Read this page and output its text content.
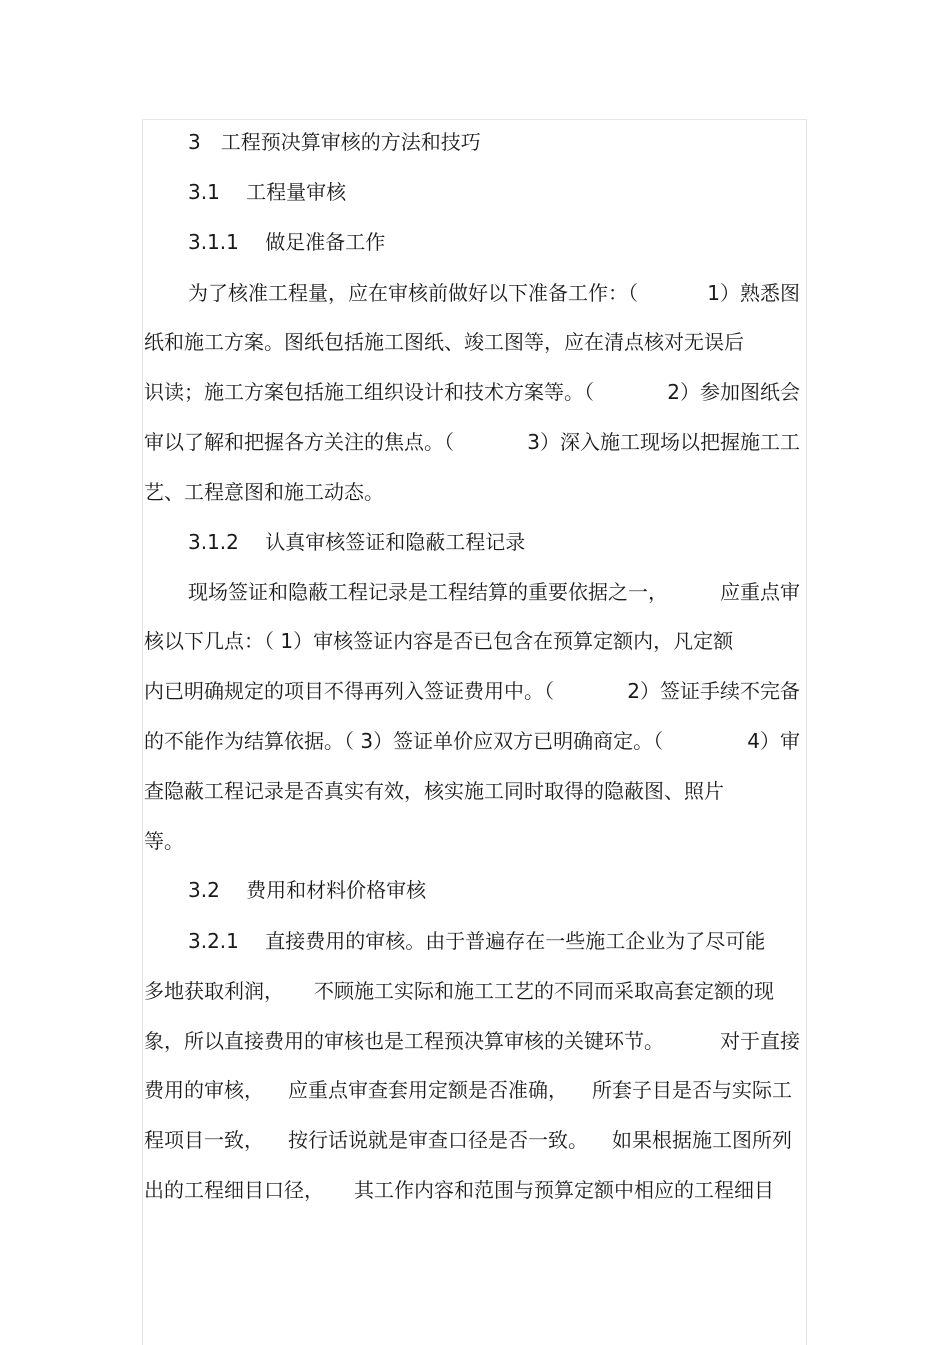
3　工程预决算审核的方法和技巧
3.1　 工程量审核
3.1.1 　做足准备工作
为了核准工程量，应在审核前做好以下准备工作：（	1）熟悉图
纸和施工方案。图纸包括施工图纸、竣工图等，应在清点核对无误后
识读；施工方案包括施工组织设计和技术方案等。（	2）参加图纸会
审以了解和把握各方关注的焦点。（	3）深入施工现场以把握施工工
艺、工程意图和施工动态。
3.1.2 　认真审核签证和隐蔽工程记录
现场签证和隐蔽工程记录是工程结算的重要依据之一，	应重点审
核以下几点：（ 1）审核签证内容是否已包含在预算定额内，凡定额
内已明确规定的项目不得再列入签证费用中。（	2）签证手续不完备
的不能作为结算依据。（ 3）签证单价应双方已明确商定。（	4）审
查隐蔽工程记录是否真实有效，核实施工同时取得的隐蔽图、照片
等。
3.2　 费用和材料价格审核
3.2.1 　直接费用的审核。由于普遍存在一些施工企业为了尽可能
多地获取利润， 不顾施工实际和施工工艺的不同而采取高套定额的现
象，所以直接费用的审核也是工程预决算审核的关键环节。	对于直接
费用的审核， 应重点审查套用定额是否准确， 所套子目是否与实际工
程项目一致， 按行话说就是审查口径是否一致。 如果根据施工图所列
出的工程细目口径， 其工作内容和范围与预算定额中相应的工程细目
